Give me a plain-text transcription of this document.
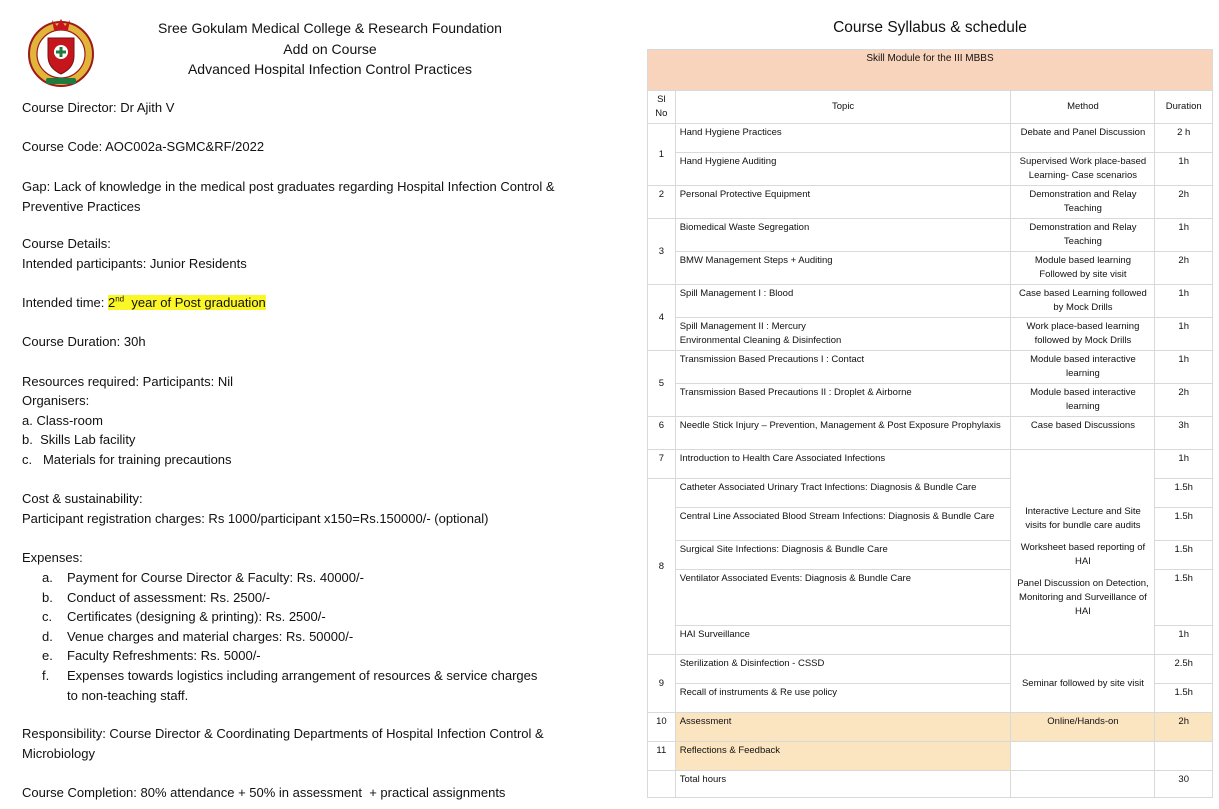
Sree Gokulam Medical College & Research Foundation
Add on Course
Advanced Hospital Infection Control Practices
Course Director: Dr Ajith V
Course Code: AOC002a-SGMC&RF/2022
Gap: Lack of knowledge in the medical post graduates regarding Hospital Infection Control & Preventive Practices
Course Details:
Intended participants: Junior Residents
Intended time: 2nd  year of Post graduation
Course Duration: 30h
Resources required: Participants: Nil
Organisers:
a. Class-room
b.  Skills Lab facility
c.   Materials for training precautions
Cost & sustainability:
Participant registration charges: Rs 1000/participant x150=Rs.150000/- (optional)
Expenses:
a. Payment for Course Director & Faculty: Rs. 40000/-
b. Conduct of assessment: Rs. 2500/-
c. Certificates (designing & printing): Rs. 2500/-
d. Venue charges and material charges: Rs. 50000/-
e. Faculty Refreshments: Rs. 5000/-
f. Expenses towards logistics including arrangement of resources & service charges to non-teaching staff.
Responsibility: Course Director & Coordinating Departments of Hospital Infection Control & Microbiology
Course Completion: 80% attendance + 50% in assessment  + practical assignments
Course Syllabus & schedule
Skill Module for the III MBBS			
Sl No	Topic	Method	Duration
1	Hand Hygiene Practices	Debate and Panel Discussion	2 h
	Hand Hygiene Auditing	Supervised Work place-based Learning- Case scenarios	1h
2	Personal Protective Equipment	Demonstration and Relay Teaching	2h
3	Biomedical Waste Segregation	Demonstration and Relay Teaching	1h
	BMW Management Steps + Auditing	Module based learning Followed by site visit	2h
4	Spill Management I : Blood	Case based Learning followed by Mock Drills	1h

	Spill Management II : Mercury
Environmental Cleaning & Disinfection	Work place-based learning followed by Mock Drills	1h
5	Transmission Based Precautions I : Contact	Module based interactive learning	1h
	Transmission Based Precautions II : Droplet & Airborne	Module based interactive learning	2h
6	Needle Stick Injury – Prevention, Management & Post Exposure Prophylaxis	Case based Discussions	3h
7	Introduction to Health Care Associated Infections	Interactive Lecture and Site visits for bundle care audits
Worksheet based reporting of HAI
Panel Discussion on Detection, Monitoring and Surveillance of HAI	1h
8	Catheter Associated Urinary Tract Infections: Diagnosis & Bundle Care		1.5h
	Central Line Associated Blood Stream Infections: Diagnosis & Bundle Care		1.5h
	Surgical Site Infections: Diagnosis & Bundle Care		1.5h
	Ventilator Associated Events: Diagnosis & Bundle Care		1.5h
	HAI Surveillance		1h
9	Sterilization & Disinfection - CSSD	Seminar followed by site visit	2.5h
	Recall of instruments & Re use policy		1.5h
10	Assessment	Online/Hands-on	2h
11	Reflections & Feedback		
	Total hours		30
